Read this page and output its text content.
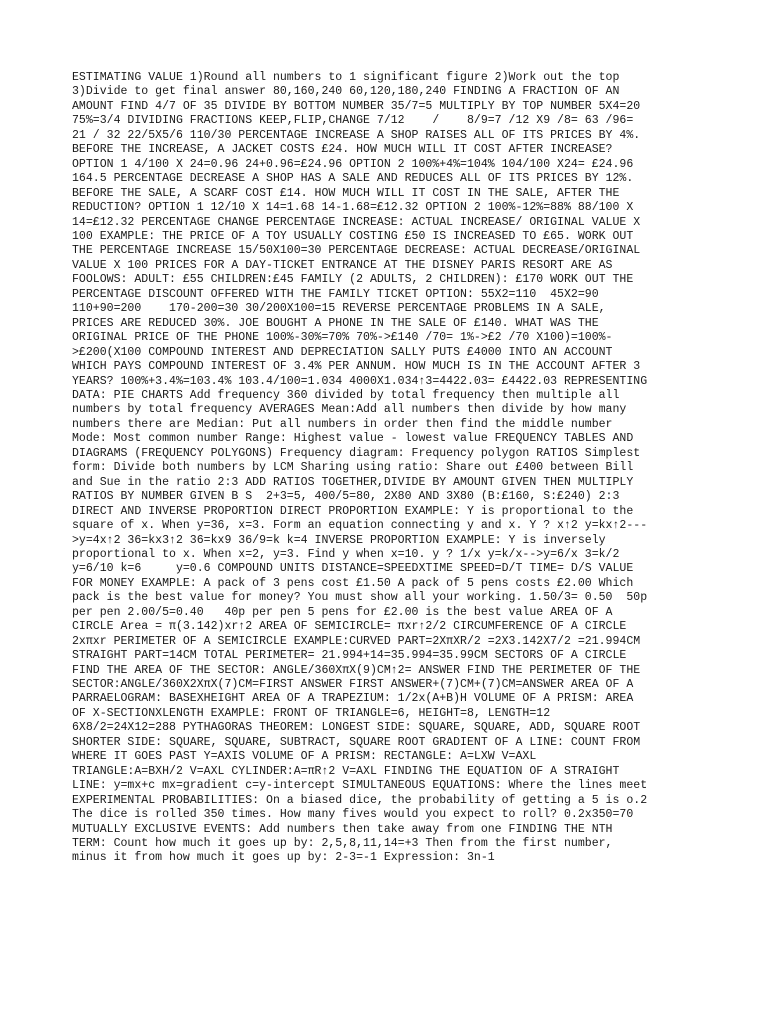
ESTIMATING VALUE 1)Round all numbers to 1 significant figure 2)Work out the top
3)Divide to get final answer 80,160,240 60,120,180,240 FINDING A FRACTION OF AN
AMOUNT FIND 4/7 OF 35 DIVIDE BY BOTTOM NUMBER 35/7=5 MULTIPLY BY TOP NUMBER 5X4=20
75%=3/4 DIVIDING FRACTIONS KEEP,FLIP,CHANGE 7/12    /    8/9=7 /12 X9 /8= 63 /96=
21 / 32 22/5X5/6 110/30 PERCENTAGE INCREASE A SHOP RAISES ALL OF ITS PRICES BY 4%.
BEFORE THE INCREASE, A JACKET COSTS £24. HOW MUCH WILL IT COST AFTER INCREASE?
OPTION 1 4/100 X 24=0.96 24+0.96=£24.96 OPTION 2 100%+4%=104% 104/100 X24= £24.96
164.5 PERCENTAGE DECREASE A SHOP HAS A SALE AND REDUCES ALL OF ITS PRICES BY 12%.
BEFORE THE SALE, A SCARF COST £14. HOW MUCH WILL IT COST IN THE SALE, AFTER THE
REDUCTION? OPTION 1 12/10 X 14=1.68 14-1.68=£12.32 OPTION 2 100%-12%=88% 88/100 X
14=£12.32 PERCENTAGE CHANGE PERCENTAGE INCREASE: ACTUAL INCREASE/ ORIGINAL VALUE X
100 EXAMPLE: THE PRICE OF A TOY USUALLY COSTING £50 IS INCREASED TO £65. WORK OUT
THE PERCENTAGE INCREASE 15/50X100=30 PERCENTAGE DECREASE: ACTUAL DECREASE/ORIGINAL
VALUE X 100 PRICES FOR A DAY-TICKET ENTRANCE AT THE DISNEY PARIS RESORT ARE AS
FOOLOWS: ADULT: £55 CHILDREN:£45 FAMILY (2 ADULTS, 2 CHILDREN): £170 WORK OUT THE
PERCENTAGE DISCOUNT OFFERED WITH THE FAMILY TICKET OPTION: 55X2=110  45X2=90
110+90=200    170-200=30 30/200X100=15 REVERSE PERCENTAGE PROBLEMS IN A SALE,
PRICES ARE REDUCED 30%. JOE BOUGHT A PHONE IN THE SALE OF £140. WHAT WAS THE
ORIGINAL PRICE OF THE PHONE 100%-30%=70% 70%->£140 /70= 1%->£2 /70 X100)=100%-
>£200(X100 COMPOUND INTEREST AND DEPRECIATION SALLY PUTS £4000 INTO AN ACCOUNT
WHICH PAYS COMPOUND INTEREST OF 3.4% PER ANNUM. HOW MUCH IS IN THE ACCOUNT AFTER 3
YEARS? 100%+3.4%=103.4% 103.4/100=1.034 4000X1.034↑3=4422.03= £4422.03 REPRESENTING
DATA: PIE CHARTS Add frequency 360 divided by total frequency then multiple all
numbers by total frequency AVERAGES Mean:Add all numbers then divide by how many
numbers there are Median: Put all numbers in order then find the middle number
Mode: Most common number Range: Highest value - lowest value FREQUENCY TABLES AND
DIAGRAMS (FREQUENCY POLYGONS) Frequency diagram: Frequency polygon RATIOS Simplest
form: Divide both numbers by LCM Sharing using ratio: Share out £400 between Bill
and Sue in the ratio 2:3 ADD RATIOS TOGETHER,DIVIDE BY AMOUNT GIVEN THEN MULTIPLY
RATIOS BY NUMBER GIVEN B S  2+3=5, 400/5=80, 2X80 AND 3X80 (B:£160, S:£240) 2:3
DIRECT AND INVERSE PROPORTION DIRECT PROPORTION EXAMPLE: Y is proportional to the
square of x. When y=36, x=3. Form an equation connecting y and x. Y ? x↑2 y=kx↑2---
>y=4x↑2 36=kx3↑2 36=kx9 36/9=k k=4 INVERSE PROPORTION EXAMPLE: Y is inversely
proportional to x. When x=2, y=3. Find y when x=10. y ? 1/x y=k/x-->y=6/x 3=k/2
y=6/10 k=6     y=0.6 COMPOUND UNITS DISTANCE=SPEEDXTIME SPEED=D/T TIME= D/S VALUE
FOR MONEY EXAMPLE: A pack of 3 pens cost £1.50 A pack of 5 pens costs £2.00 Which
pack is the best value for money? You must show all your working. 1.50/3= 0.50  50p
per pen 2.00/5=0.40   40p per pen 5 pens for £2.00 is the best value AREA OF A
CIRCLE Area = π(3.142)xr↑2 AREA OF SEMICIRCLE= πxr↑2/2 CIRCUMFERENCE OF A CIRCLE
2xπxr PERIMETER OF A SEMICIRCLE EXAMPLE:CURVED PART=2XπXR/2 =2X3.142X7/2 =21.994CM
STRAIGHT PART=14CM TOTAL PERIMETER= 21.994+14=35.994=35.99CM SECTORS OF A CIRCLE
FIND THE AREA OF THE SECTOR: ANGLE/360XπX(9)CM↑2= ANSWER FIND THE PERIMETER OF THE
SECTOR:ANGLE/360X2XπX(7)CM=FIRST ANSWER FIRST ANSWER+(7)CM+(7)CM=ANSWER AREA OF A
PARRAELOGRAM: BASEXHEIGHT AREA OF A TRAPEZIUM: 1/2x(A+B)H VOLUME OF A PRISM: AREA
OF X-SECTIONXLENGTH EXAMPLE: FRONT OF TRIANGLE=6, HEIGHT=8, LENGTH=12
6X8/2=24X12=288 PYTHAGORAS THEOREM: LONGEST SIDE: SQUARE, SQUARE, ADD, SQUARE ROOT
SHORTER SIDE: SQUARE, SQUARE, SUBTRACT, SQUARE ROOT GRADIENT OF A LINE: COUNT FROM
WHERE IT GOES PAST Y=AXIS VOLUME OF A PRISM: RECTANGLE: A=LXW V=AXL
TRIANGLE:A=BXH/2 V=AXL CYLINDER:A=πR↑2 V=AXL FINDING THE EQUATION OF A STRAIGHT
LINE: y=mx+c mx=gradient c=y-intercept SIMULTANEOUS EQUATIONS: Where the lines meet
EXPERIMENTAL PROBABILITIES: On a biased dice, the probability of getting a 5 is o.2
The dice is rolled 350 times. How many fives would you expect to roll? 0.2x350=70
MUTUALLY EXCLUSIVE EVENTS: Add numbers then take away from one FINDING THE NTH
TERM: Count how much it goes up by: 2,5,8,11,14=+3 Then from the first number,
minus it from how much it goes up by: 2-3=-1 Expression: 3n-1
